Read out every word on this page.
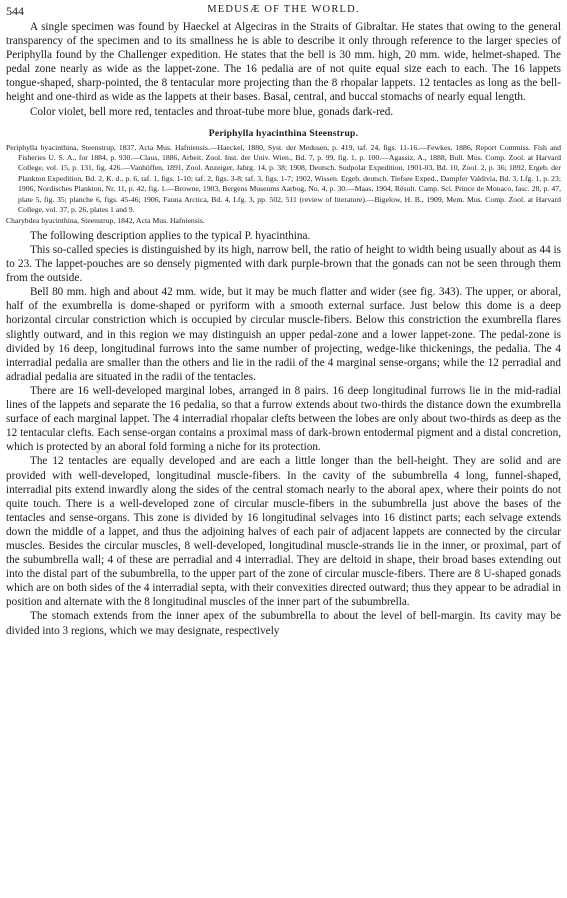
MEDUSÆ OF THE WORLD.
544

A single specimen was found by Haeckel at Algeciras in the Straits of Gibraltar. He states that owing to the general transparency of the specimen and to its smallness he is able to describe it only through reference to the larger species of Periphylla found by the Challenger expedition. He states that the bell is 30 mm. high, 20 mm. wide, helmet-shaped. The pedal zone nearly as wide as the lappet-zone. The 16 pedalia are of not quite equal size each to each. The 16 lappets tongue-shaped, sharp-pointed, the 8 tentacular more projecting than the 8 rhopalar lappets. 12 tentacles as long as the bell-height and one-third as wide as the lappets at their bases. Basal, central, and buccal stomachs of nearly equal length.

Color violet, bell more red, tentacles and throat-tube more blue, gonads dark-red.

Periphylla hyacinthina Steenstrup.

Periphylla hyacinthina, Steenstrup, 1837, Acta Mus. Hafniensis.—Haeckel, 1880, Syst. der Medusen, p. 419, taf. 24, figs. 11-16.—Fewkes, 1886, Report Commiss. Fish and Fisheries U. S. A., for 1884, p. 930.—Claus, 1886, Arbeit. Zool. Inst. der Univ. Wien., Bd. 7, p. 99, fig. 1, p. 100.—Agassiz, A., 1888, Bull. Mus. Comp. Zool. at Harvard College, vol. 15, p. 131, fig. 426.—Vanhöffen, 1891, Zool. Anzeiger, Jahrg. 14, p. 38; 1908, Deutsch. Sudpolar Expedition, 1901-03, Bd. 10, Zool. 2, p. 36; 1892, Ergeb. der Plankton Expedition, Bd. 2, K. d., p. 6, taf. 1, figs. 1-10; taf. 2, figs. 3-8; taf. 3, figs. 1-7; 1902, Wissen. Ergeb. deutsch. Tiefsee Exped., Dampfer Valdivia, Bd. 3, Lfg. 1, p. 23; 1906, Nordisches Plankton, Nr. 11, p. 42, fig. 1.—Browne, 1903, Bergens Museums Aarbog, No. 4, p. 30.—Maas, 1904, Résult. Camp. Sci. Prince de Monaco, fasc. 28, p. 47, plate 5, fig. 35; planche 6, figs. 45-46; 1906, Fauna Arctica, Bd. 4, Lfg. 3, pp. 502, 511 (review of literature).—Bigelow, H. B., 1909, Mem. Mus. Comp. Zool. at Harvard College, vol. 37, p. 26, plates 1 and 9.

Charybdea hyacinthina, Steenstrup, 1842, Acta Mus. Hafniensis.

The following description applies to the typical P. hyacinthina.

This so-called species is distinguished by its high, narrow bell, the ratio of height to width being usually about as 44 is to 23. The lappet-pouches are so densely pigmented with dark purple-brown that the gonads can not be seen through them from the outside.

Bell 80 mm. high and about 42 mm. wide, but it may be much flatter and wider (see fig. 343). The upper, or aboral, half of the exumbrella is dome-shaped or pyriform with a smooth external surface. Just below this dome is a deep horizontal circular constriction which is occupied by circular muscle-fibers. Below this constriction the exumbrella flares slightly outward, and in this region we may distinguish an upper pedal-zone and a lower lappet-zone. The pedal-zone is divided by 16 deep, longitudinal furrows into the same number of projecting, wedge-like thickenings, the pedalia. The 4 interradial pedalia are smaller than the others and lie in the radii of the 4 marginal sense-organs; while the 12 perradial and adradial pedalia are situated in the radii of the tentacles.

There are 16 well-developed marginal lobes, arranged in 8 pairs. 16 deep longitudinal furrows lie in the mid-radial lines of the lappets and separate the 16 pedalia, so that a furrow extends about two-thirds the distance down the exumbrella surface of each marginal lappet. The 4 interradial rhopalar clefts between the lobes are only about two-thirds as deep as the 12 tentacular clefts. Each sense-organ contains a proximal mass of dark-brown entodermal pigment and a distal concretion, which is protected by an aboral fold forming a niche for its protection.

The 12 tentacles are equally developed and are each a little longer than the bell-height. They are solid and are provided with well-developed, longitudinal muscle-fibers. In the cavity of the subumbrella 4 long, funnel-shaped, interradial pits extend inwardly along the sides of the central stomach nearly to the aboral apex, where their points do not quite touch. There is a well-developed zone of circular muscle-fibers in the subumbrella just above the bases of the tentacles and sense-organs. This zone is divided by 16 longitudinal selvages into 16 distinct parts; each selvage extends down the middle of a lappet, and thus the adjoining halves of each pair of adjacent lappets are connected by the circular muscles. Besides the circular muscles, 8 well-developed, longitudinal muscle-strands lie in the inner, or proximal, part of the subumbrella wall; 4 of these are perradial and 4 interradial. They are deltoid in shape, their broad bases extending out into the distal part of the subumbrella, to the upper part of the zone of circular muscle-fibers. There are 8 U-shaped gonads which are on both sides of the 4 interradial septa, with their convexities directed outward; thus they appear to be adradial in position and alternate with the 8 longitudinal muscles of the inner part of the subumbrella.

The stomach extends from the inner apex of the subumbrella to about the level of bell-margin. Its cavity may be divided into 3 regions, which we may designate, respectively
